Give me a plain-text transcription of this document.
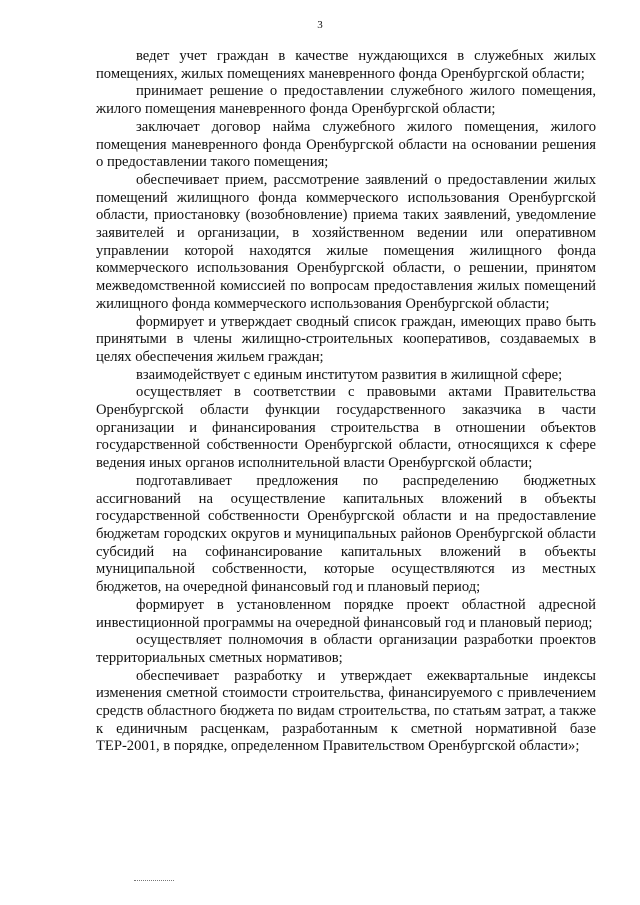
3

ведет учет граждан в качестве нуждающихся в служебных жилых помещениях, жилых помещениях маневренного фонда Оренбургской области;

принимает решение о предоставлении служебного жилого помещения, жилого помещения маневренного фонда Оренбургской области;

заключает договор найма служебного жилого помещения, жилого помещения маневренного фонда Оренбургской области на основании решения о предоставлении такого помещения;

обеспечивает прием, рассмотрение заявлений о предоставлении жилых помещений жилищного фонда коммерческого использования Оренбургской области, приостановку (возобновление) приема таких заявлений, уведомление заявителей и организации, в хозяйственном ведении или оперативном управлении которой находятся жилые помещения жилищного фонда коммерческого использования Оренбургской области, о решении, принятом межведомственной комиссией по вопросам предоставления жилых помещений жилищного фонда коммерческого использования Оренбургской области;

формирует и утверждает сводный список граждан, имеющих право быть принятыми в члены жилищно-строительных кооперативов, создаваемых в целях обеспечения жильем граждан;

взаимодействует с единым институтом развития в жилищной сфере;

осуществляет в соответствии с правовыми актами Правительства Оренбургской области функции государственного заказчика в части организации и финансирования строительства в отношении объектов государственной собственности Оренбургской области, относящихся к сфере ведения иных органов исполнительной власти Оренбургской области;

подготавливает предложения по распределению бюджетных ассигнований на осуществление капитальных вложений в объекты государственной собственности Оренбургской области и на предоставление бюджетам городских округов и муниципальных районов Оренбургской области субсидий на софинансирование капитальных вложений в объекты муниципальной собственности, которые осуществляются из местных бюджетов, на очередной финансовый год и плановый период;

формирует в установленном порядке проект областной адресной инвестиционной программы на очередной финансовый год и плановый период;

осуществляет полномочия в области организации разработки проектов территориальных сметных нормативов;

обеспечивает разработку и утверждает ежеквартальные индексы изменения сметной стоимости строительства, финансируемого с привлечением средств областного бюджета по видам строительства, по статьям затрат, а также к единичным расценкам, разработанным к сметной нормативной базе ТЕР-2001, в порядке, определенном Правительством Оренбургской области»;
